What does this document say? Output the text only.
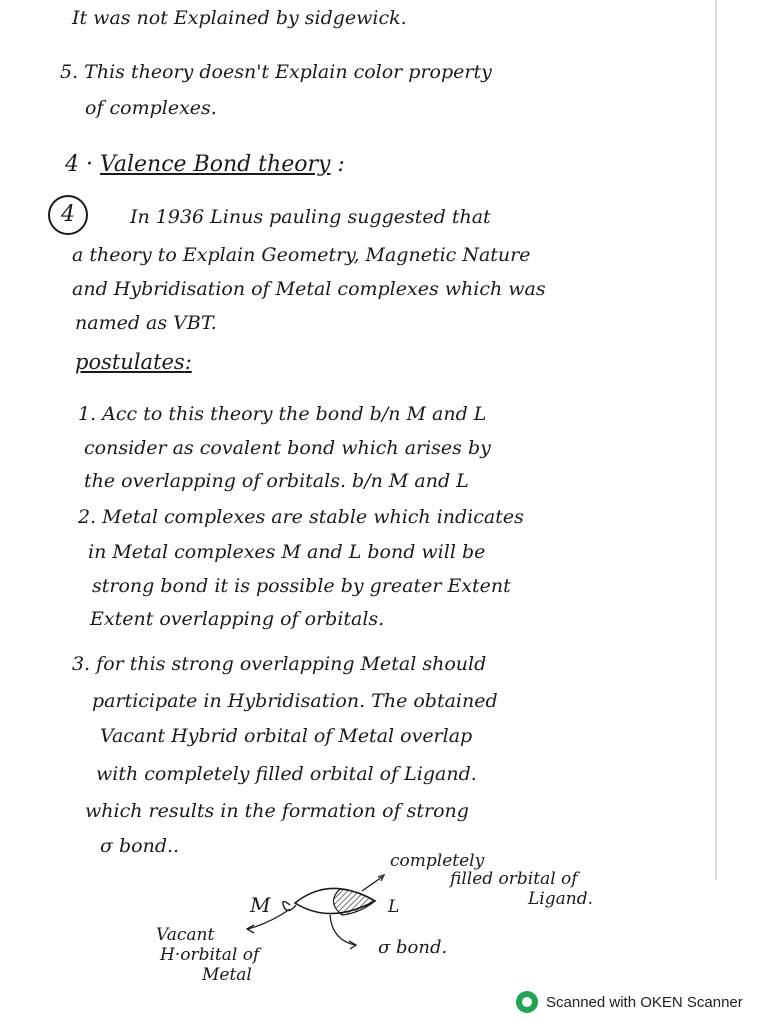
It was not Explained by sidgewick.
5. This theory doesn't Explain color property
of complexes.
4 · Valence Bond theory :
4	In 1936 Linus pauling suggested that
a theory to Explain Geometry, Magnetic Nature
and Hybridisation of Metal complexes which was
named as VBT.
postulates:
1. Acc to this theory the bond b/n M and L
consider as covalent bond which arises by
the overlapping of orbitals. b/n M and L
2. Metal complexes are stable which indicates
in Metal complexes M and L bond will be
strong bond it is possible by greater Extent
Extent overlapping of orbitals.
3. for this strong overlapping Metal should
participate in Hybridisation. The obtained
Vacant Hybrid orbital of Metal overlap
with completely filled orbital of Ligand.
which results in the formation of strong
σ bond..
M	L
completely
filled orbital of
Ligand.
Vacant
H·orbital of
Metal
σ bond.
Scanned with OKEN Scanner
